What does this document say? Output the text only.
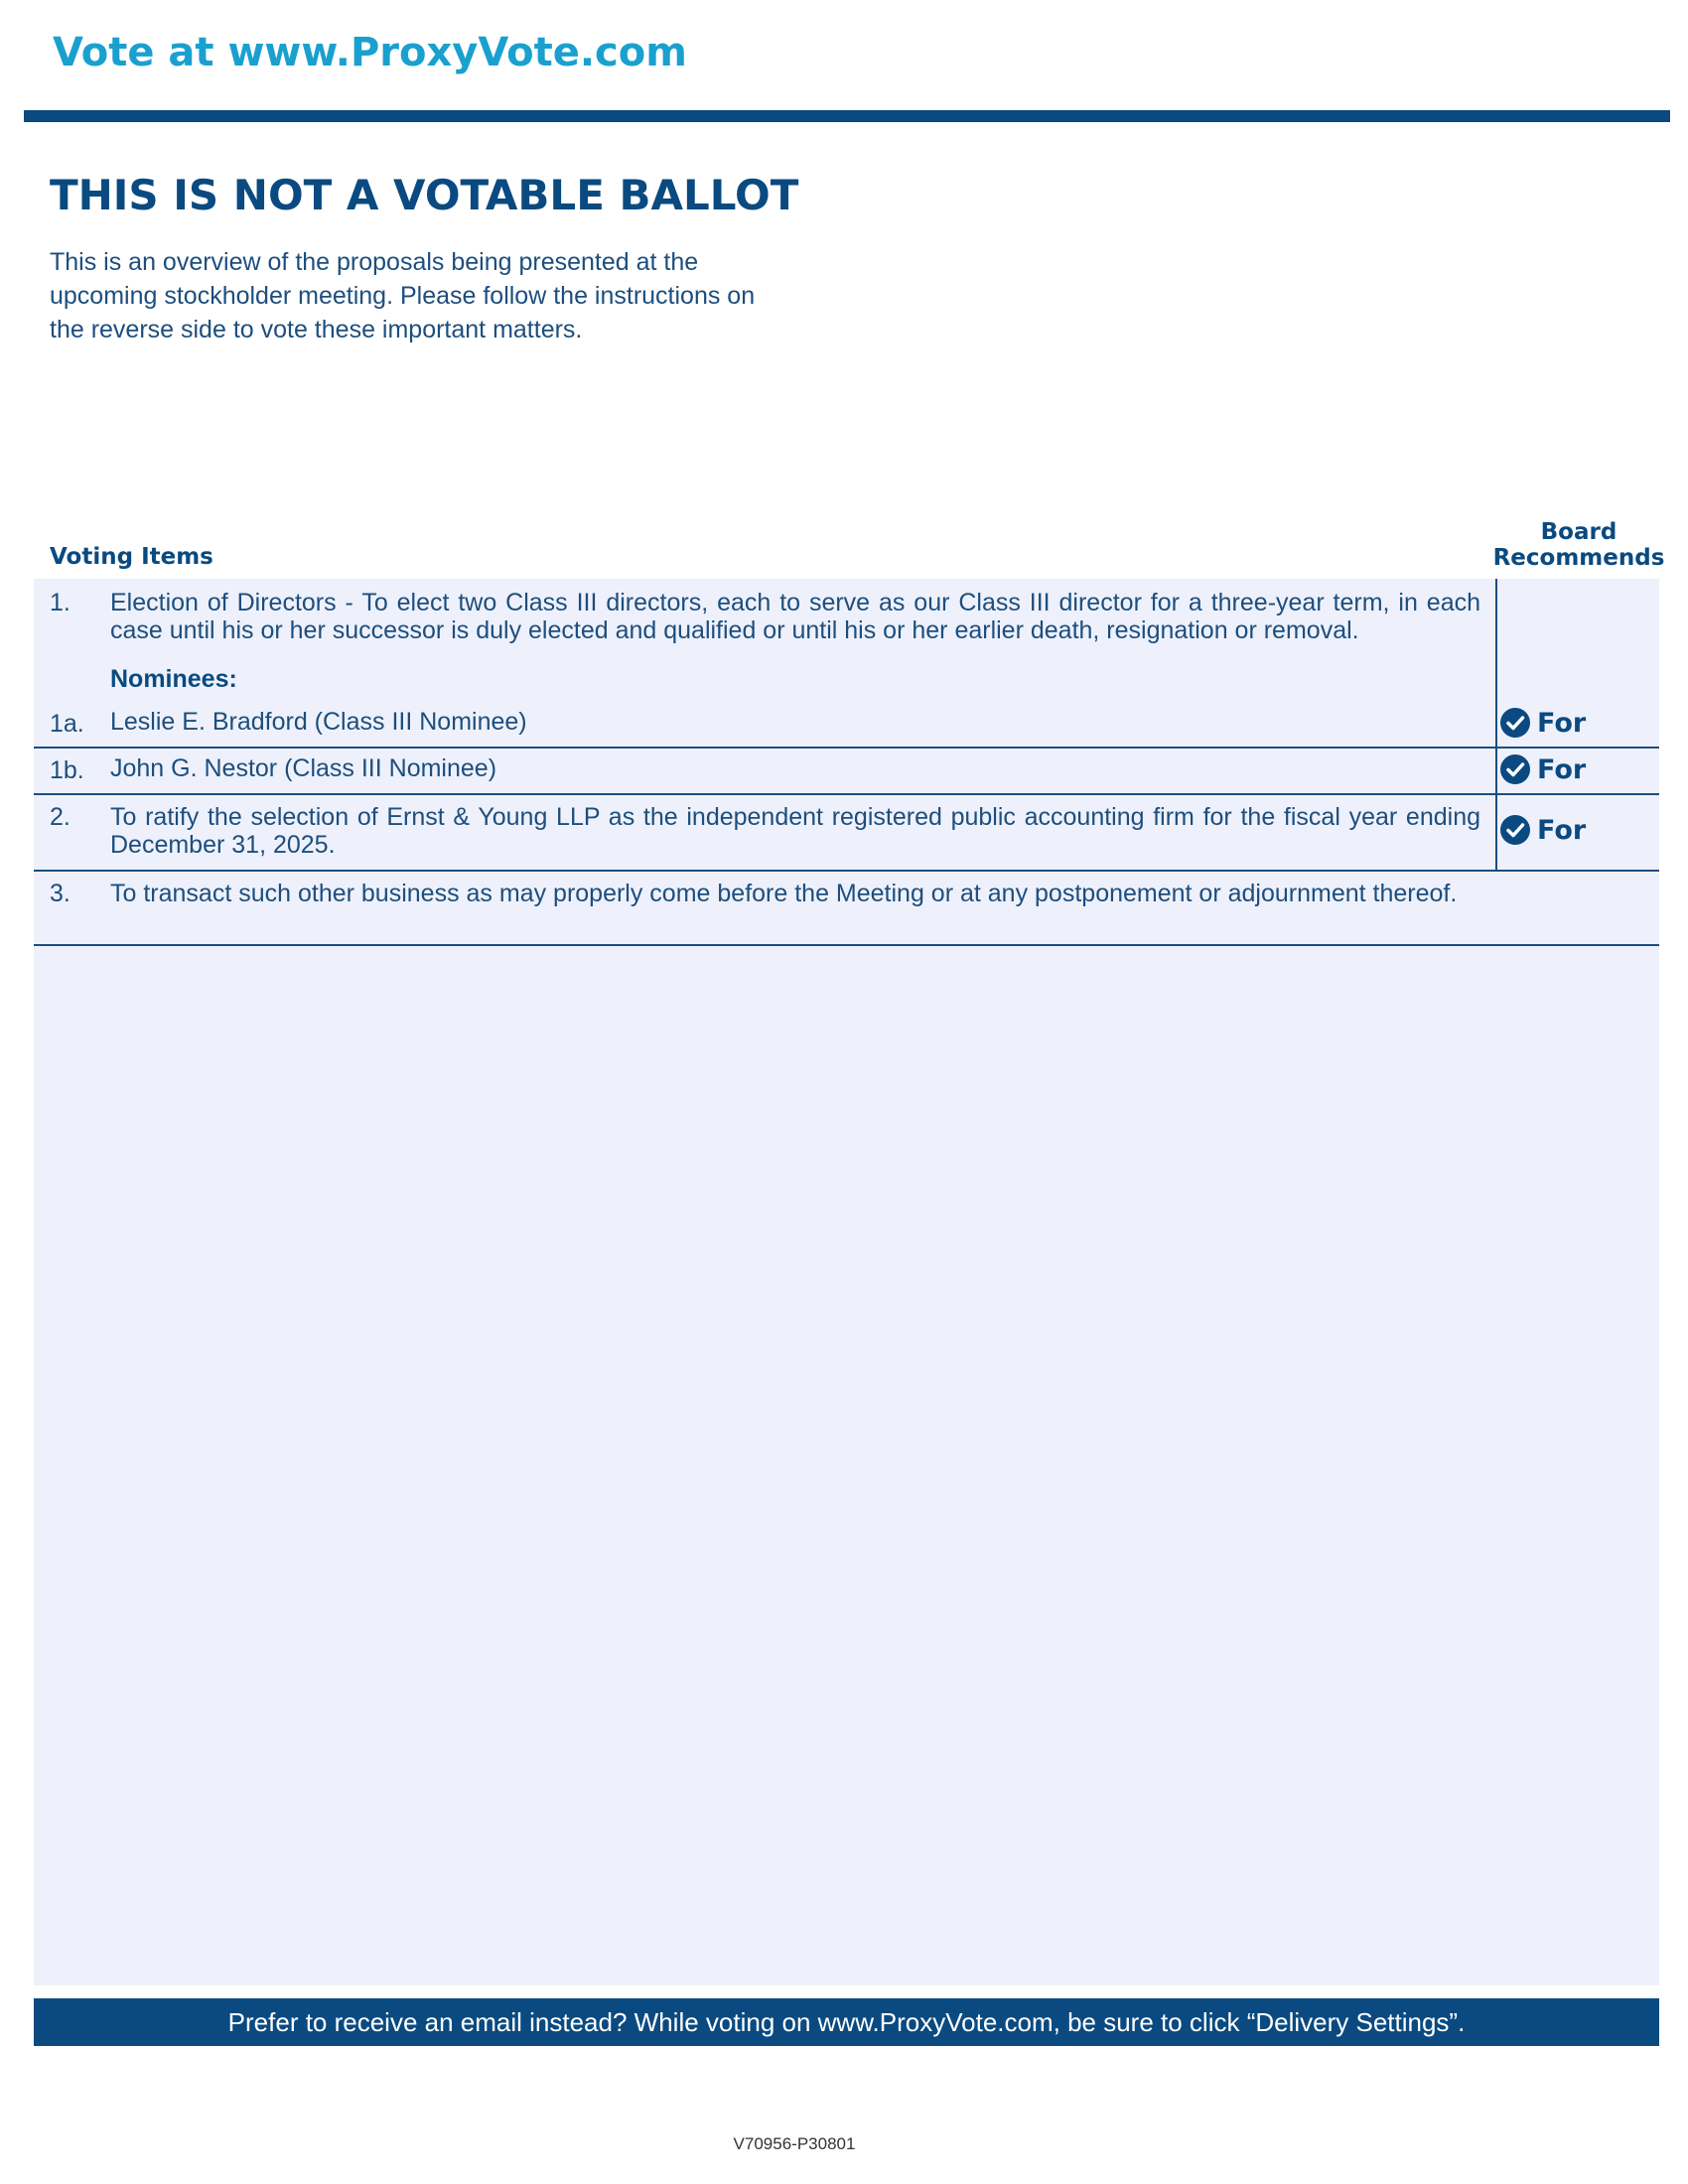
Vote at www.ProxyVote.com
THIS IS NOT A VOTABLE BALLOT
This is an overview of the proposals being presented at the
upcoming stockholder meeting. Please follow the instructions on
the reverse side to vote these important matters.
Voting Items
Board
Recommends
1. Election of Directors - To elect two Class III directors, each to serve as our Class III director for a three-year term, in each case until his or her successor is duly elected and qualified or until his or her earlier death, resignation or removal.
Nominees:
1a. Leslie E. Bradford (Class III Nominee)	For
1b. John G. Nestor (Class III Nominee)	For
2. To ratify the selection of Ernst & Young LLP as the independent registered public accounting firm for the fiscal year ending December 31, 2025.	For
3. To transact such other business as may properly come before the Meeting or at any postponement or adjournment thereof.
Prefer to receive an email instead? While voting on www.ProxyVote.com, be sure to click “Delivery Settings”.
V70956-P30801
